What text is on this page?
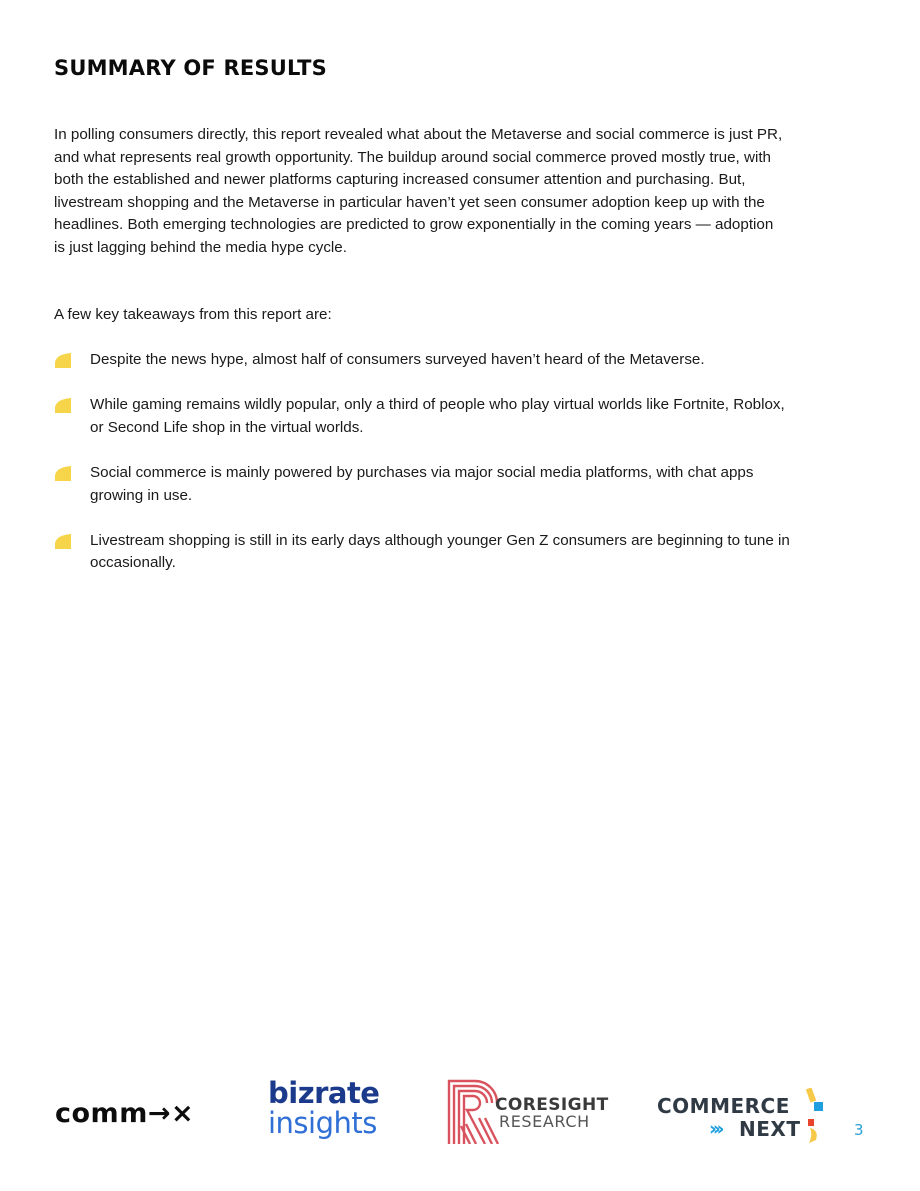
SUMMARY OF RESULTS

In polling consumers directly, this report revealed what about the Metaverse and social commerce is just PR, and what represents real growth opportunity. The buildup around social commerce proved mostly true, with both the established and newer platforms capturing increased consumer attention and purchasing. But, livestream shopping and the Metaverse in particular haven’t yet seen consumer adoption keep up with the headlines. Both emerging technologies are predicted to grow exponentially in the coming years — adoption is just lagging behind the media hype cycle.

A few key takeaways from this report are:

Despite the news hype, almost half of consumers surveyed haven’t heard of the Metaverse.
While gaming remains wildly popular, only a third of people who play virtual worlds like Fortnite, Roblox, or Second Life shop in the virtual worlds.
Social commerce is mainly powered by purchases via major social media platforms, with chat apps growing in use.
Livestream shopping is still in its early days although younger Gen Z consumers are beginning to tune in occasionally.
comm→×
bizrate
insights
CORESIGHT
RESEARCH
COMMERCE
››› NEXT	3
